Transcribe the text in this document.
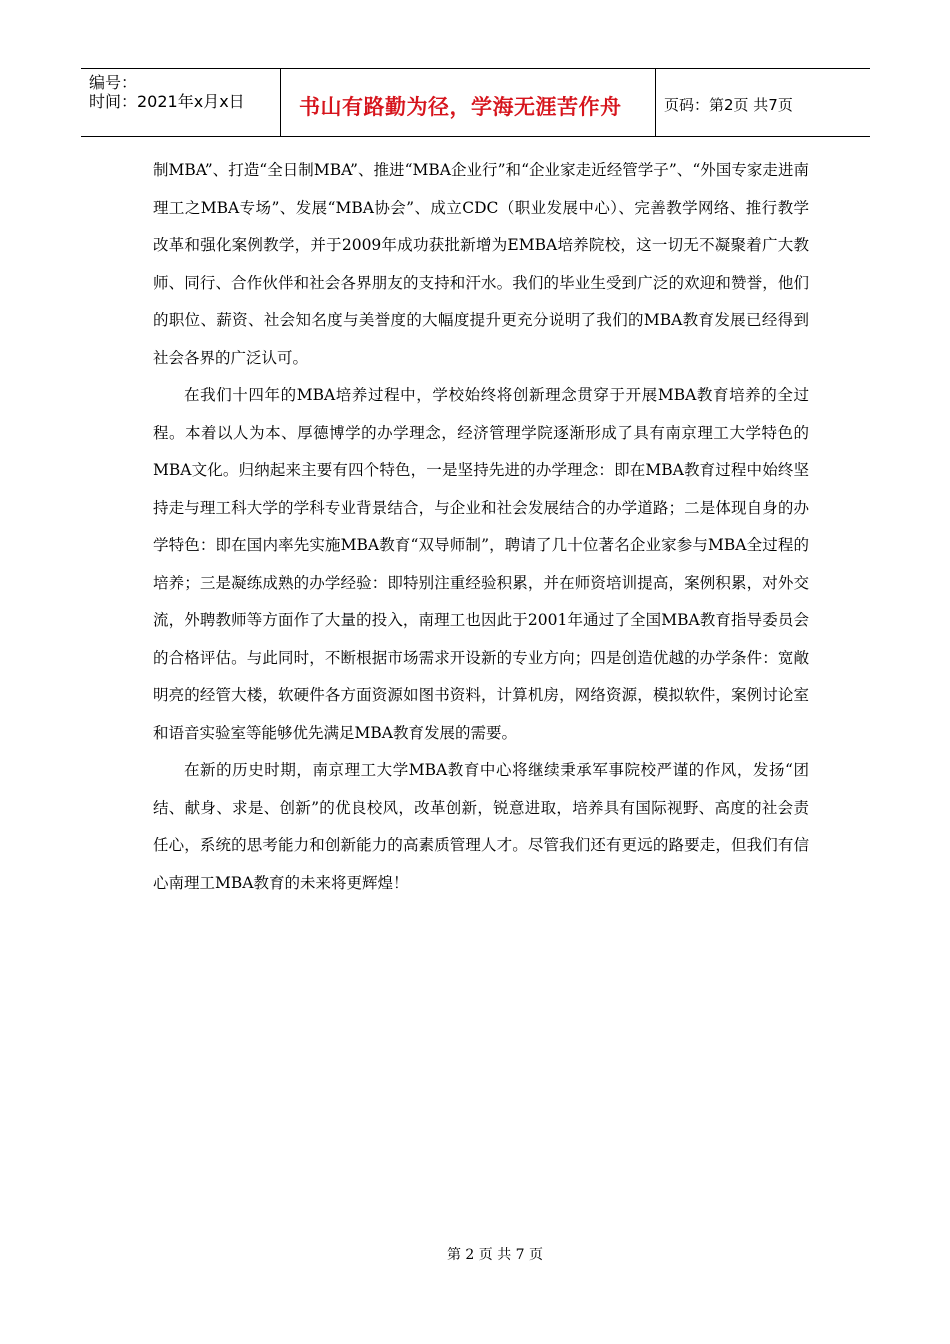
编号：
时间：2021年x月x日	书山有路勤为径，学海无涯苦作舟	页码：第2页 共7页

制MBA”、打造“全日制MBA”、推进“MBA企业行”和“企业家走近经管学子”、“外国专家走进南理工之MBA专场”、发展“MBA协会”、成立CDC（职业发展中心）、完善教学网络、推行教学改革和强化案例教学，并于2009年成功获批新增为EMBA培养院校，这一切无不凝聚着广大教师、同行、合作伙伴和社会各界朋友的支持和汗水。我们的毕业生受到广泛的欢迎和赞誉，他们的职位、薪资、社会知名度与美誉度的大幅度提升更充分说明了我们的MBA教育发展已经得到社会各界的广泛认可。

在我们十四年的MBA培养过程中，学校始终将创新理念贯穿于开展MBA教育培养的全过程。本着以人为本、厚德博学的办学理念，经济管理学院逐渐形成了具有南京理工大学特色的MBA文化。归纳起来主要有四个特色，一是坚持先进的办学理念：即在MBA教育过程中始终坚持走与理工科大学的学科专业背景结合，与企业和社会发展结合的办学道路；二是体现自身的办学特色：即在国内率先实施MBA教育“双导师制”，聘请了几十位著名企业家参与MBA全过程的培养；三是凝练成熟的办学经验：即特别注重经验积累，并在师资培训提高，案例积累，对外交流，外聘教师等方面作了大量的投入，南理工也因此于2001年通过了全国MBA教育指导委员会的合格评估。与此同时，不断根据市场需求开设新的专业方向；四是创造优越的办学条件：宽敞明亮的经管大楼，软硬件各方面资源如图书资料，计算机房，网络资源，模拟软件，案例讨论室和语音实验室等能够优先满足MBA教育发展的需要。

在新的历史时期，南京理工大学MBA教育中心将继续秉承军事院校严谨的作风，发扬“团结、献身、求是、创新”的优良校风，改革创新，锐意进取，培养具有国际视野、高度的社会责任心，系统的思考能力和创新能力的高素质管理人才。尽管我们还有更远的路要走，但我们有信心南理工MBA教育的未来将更辉煌！

第 2 页 共 7 页
